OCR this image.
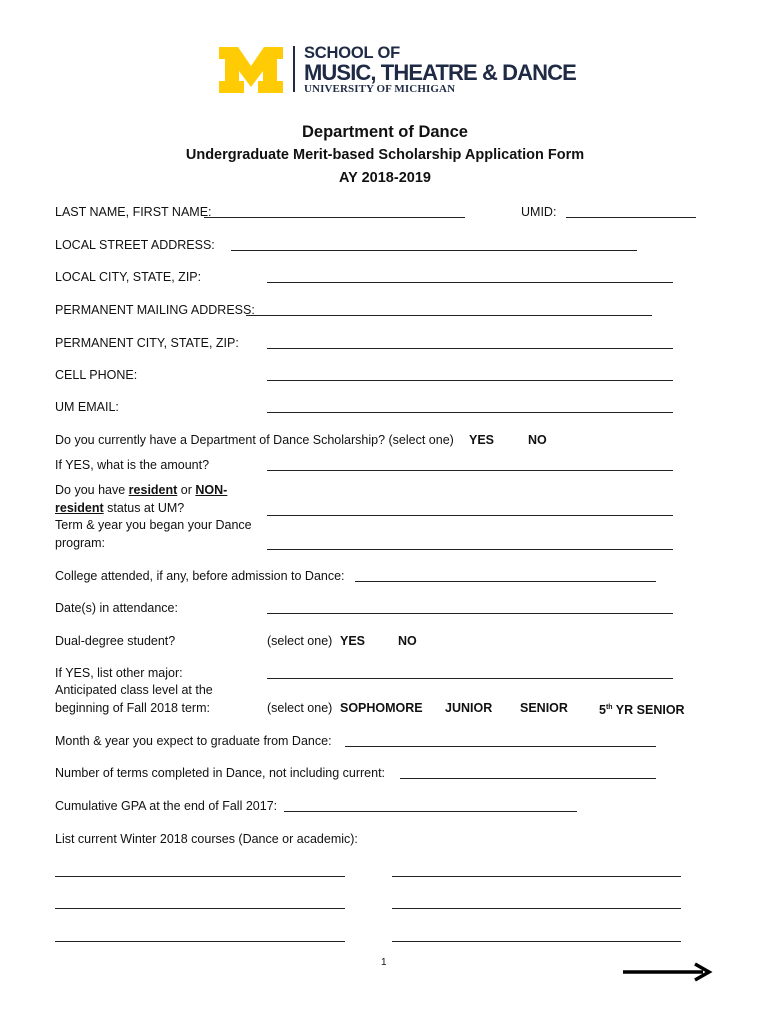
SCHOOL OF
MUSIC, THEATRE & DANCE
UNIVERSITY OF MICHIGAN
Department of Dance
Undergraduate Merit-based Scholarship Application Form
AY 2018-2019
LAST NAME, FIRST NAME:	UMID:
LOCAL STREET ADDRESS:
LOCAL CITY, STATE, ZIP:
PERMANENT MAILING ADDRESS:
PERMANENT CITY, STATE, ZIP:
CELL PHONE:
UM EMAIL:
Do you currently have a Department of Dance Scholarship? (select one) YES	NO
If YES, what is the amount?
Do you have resident or NON-
resident status at UM?
Term & year you began your Dance
program:
College attended, if any, before admission to Dance:
Date(s) in attendance:
Dual-degree student?	(select one) YES	NO
If YES, list other major:
Anticipated class level at the
beginning of Fall 2018 term:	(select one) SOPHOMORE JUNIOR SENIOR 5th YR SENIOR
Month & year you expect to graduate from Dance:
Number of terms completed in Dance, not including current:
Cumulative GPA at the end of Fall 2017:
List current Winter 2018 courses (Dance or academic):
1
